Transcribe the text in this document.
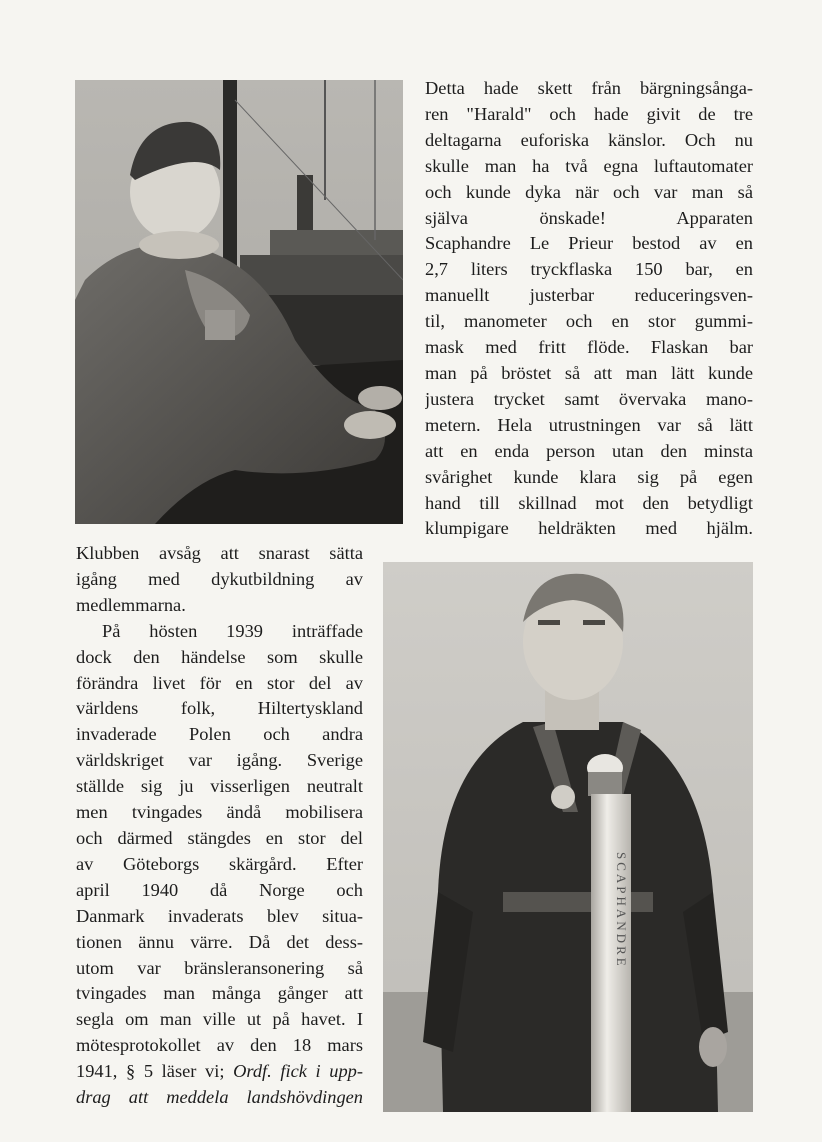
Detta hade skett från bärgningsånga-
ren "Harald" och hade givit de tre
deltagarna euforiska känslor. Och nu
skulle man ha två egna luftautomater
och kunde dyka när och var man så
själva önskade! Apparaten
Scaphandre Le Prieur bestod av en
2,7 liters tryckflaska 150 bar, en
manuellt justerbar reduceringsven-
til, manometer och en stor gummi-
mask med fritt flöde. Flaskan bar
man på bröstet så att man lätt kunde
justera trycket samt övervaka mano-
metern. Hela utrustningen var så lätt
att en enda person utan den minsta
svårighet kunde klara sig på egen
hand till skillnad mot den betydligt
klumpigare heldräkten med hjälm.

Klubben avsåg att snarast sätta
igång med dykutbildning av
medlemmarna.

På hösten 1939 inträffade
dock den händelse som skulle
förändra livet för en stor del av
världens folk, Hiltertyskland
invaderade Polen och andra
världskriget var igång. Sverige
ställde sig ju visserligen neutralt
men tvingades ändå mobilisera
och därmed stängdes en stor del
av Göteborgs skärgård. Efter
april 1940 då Norge och
Danmark invaderats blev situa-
tionen ännu värre. Då det dess-
utom var bränsleransonering så
tvingades man många gånger att
segla om man ville ut på havet. I
mötesprotokollet av den 18 mars
1941, § 5 läser vi; Ordf. fick i upp-
drag att meddela landshövdingen

SCAPHANDRE
